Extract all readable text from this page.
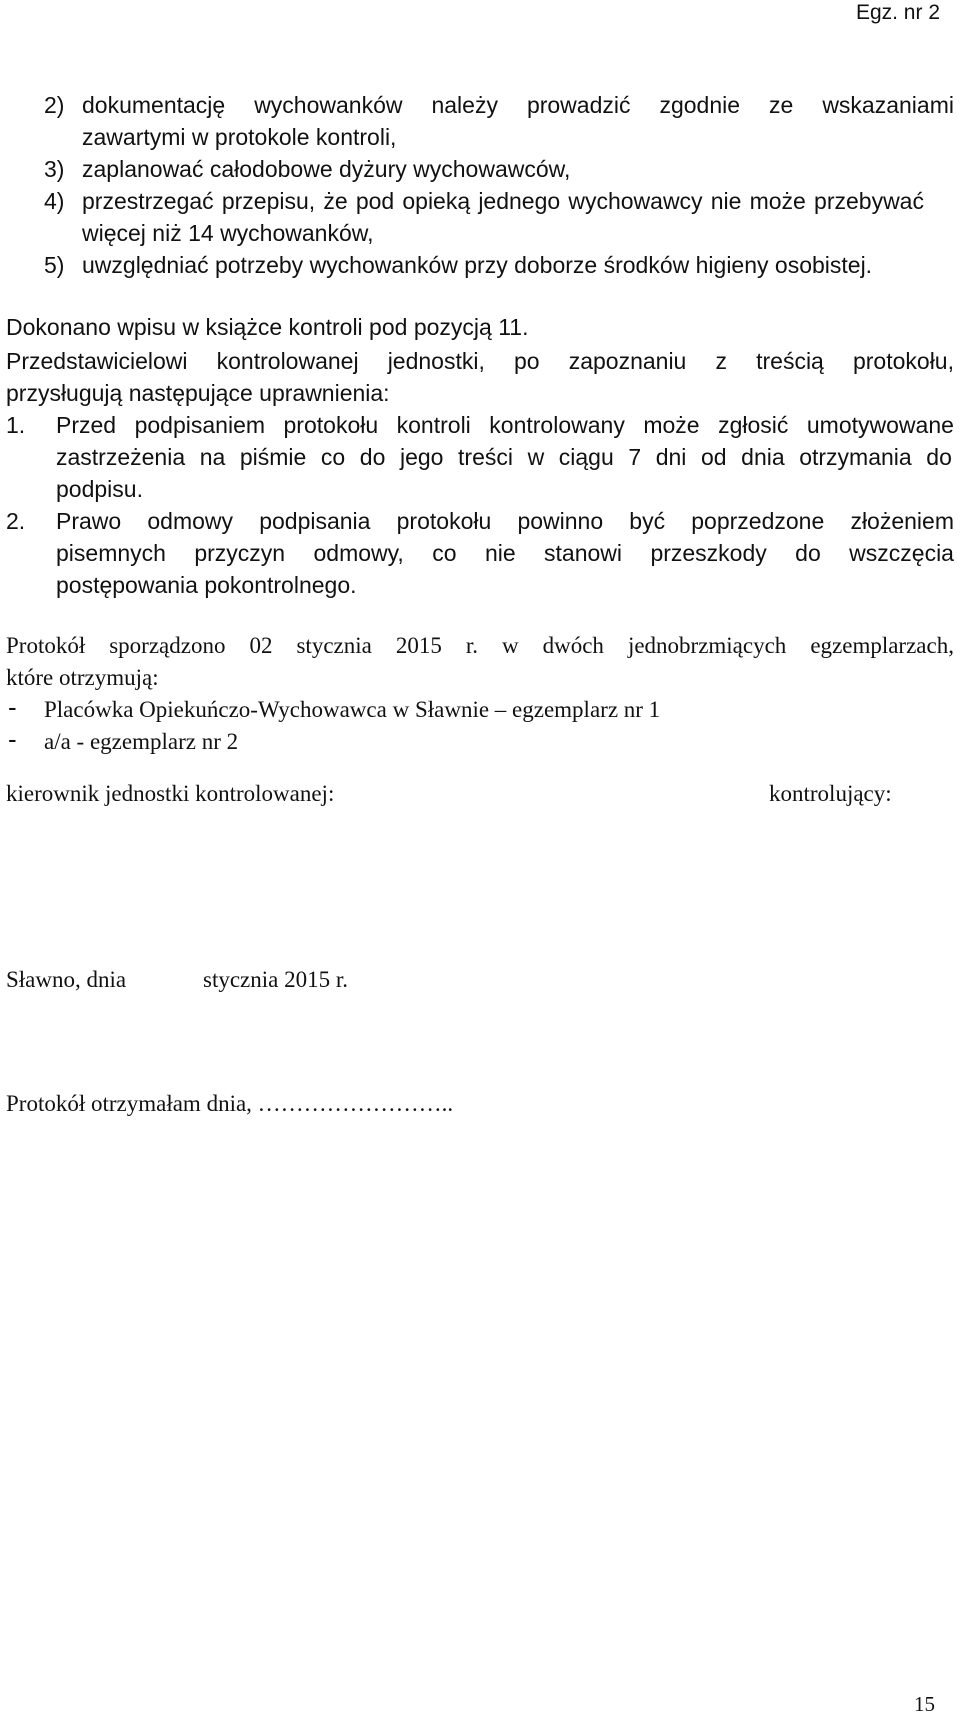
Egz. nr 2
2) dokumentację wychowanków należy prowadzić zgodnie ze wskazaniami
zawartymi w protokole kontroli,
3) zaplanować całodobowe dyżury wychowawców,
4) przestrzegać przepisu, że pod opieką jednego wychowawcy nie może przebywać
więcej niż 14 wychowanków,
5) uwzględniać potrzeby wychowanków przy doborze środków higieny osobistej.
Dokonano wpisu w książce kontroli pod pozycją 11.
Przedstawicielowi kontrolowanej jednostki, po zapoznaniu z treścią protokołu,
przysługują następujące uprawnienia:
1. Przed podpisaniem protokołu kontroli kontrolowany może zgłosić umotywowane
zastrzeżenia na piśmie co do jego treści w ciągu 7 dni od dnia otrzymania do
podpisu.
2. Prawo odmowy podpisania protokołu powinno być poprzedzone złożeniem
pisemnych przyczyn odmowy, co nie stanowi przeszkody do wszczęcia
postępowania pokontrolnego.
Protokół sporządzono 02 stycznia 2015 r. w dwóch jednobrzmiących egzemplarzach,
które otrzymują:
- Placówka Opiekuńczo-Wychowawca w Sławnie – egzemplarz nr 1
- a/a - egzemplarz nr 2
kierownik jednostki kontrolowanej:	kontrolujący:
Sławno, dnia	stycznia 2015 r.
Protokół otrzymałam dnia, ……………………..
15
